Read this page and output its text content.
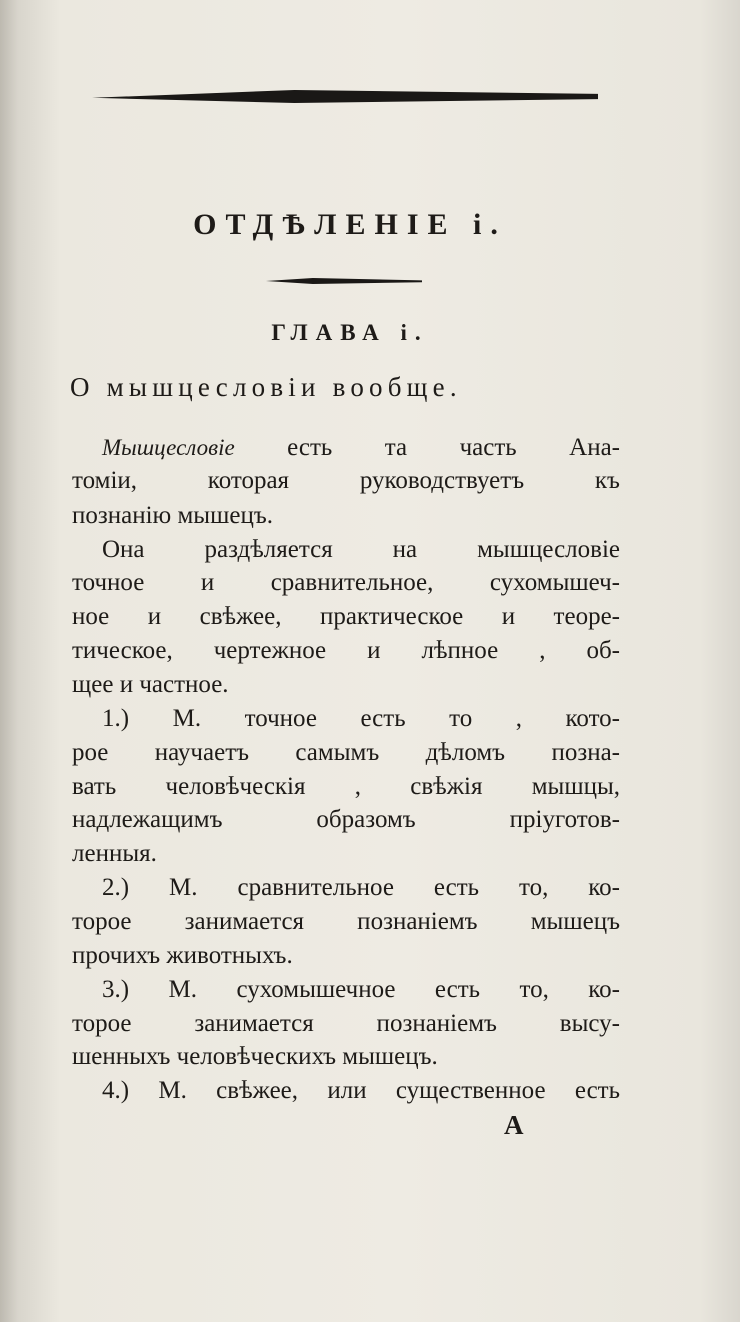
ОТДѢЛЕНІЕ і.
ГЛАВА і.
О мышцесловіи вообще.
Мышцесловіе есть та часть Ана-
томіи, которая руководствуетъ къ
познанію мышецъ.
Она раздѣляется на мышцесловіе
точное и сравнительное, сухомышеч-
ное и свѣжее, практическое и теоре-
тическое, чертежное и лѣпное , об-
щее и частное.
1.) М. точное есть то , кото-
рое научаетъ самымъ дѣломъ позна-
вать человѣческія , свѣжія мышцы,
надлежащимъ образомъ пріуготов-
ленныя.
2.) М. сравнительное есть то, ко-
торое занимается познаніемъ мышецъ
прочихъ животныхъ.
3.) М. сухомышечное есть то, ко-
торое занимается познаніемъ высу-
шенныхъ человѣческихъ мышецъ.
4.) М. свѣжее, или существенное есть
А
